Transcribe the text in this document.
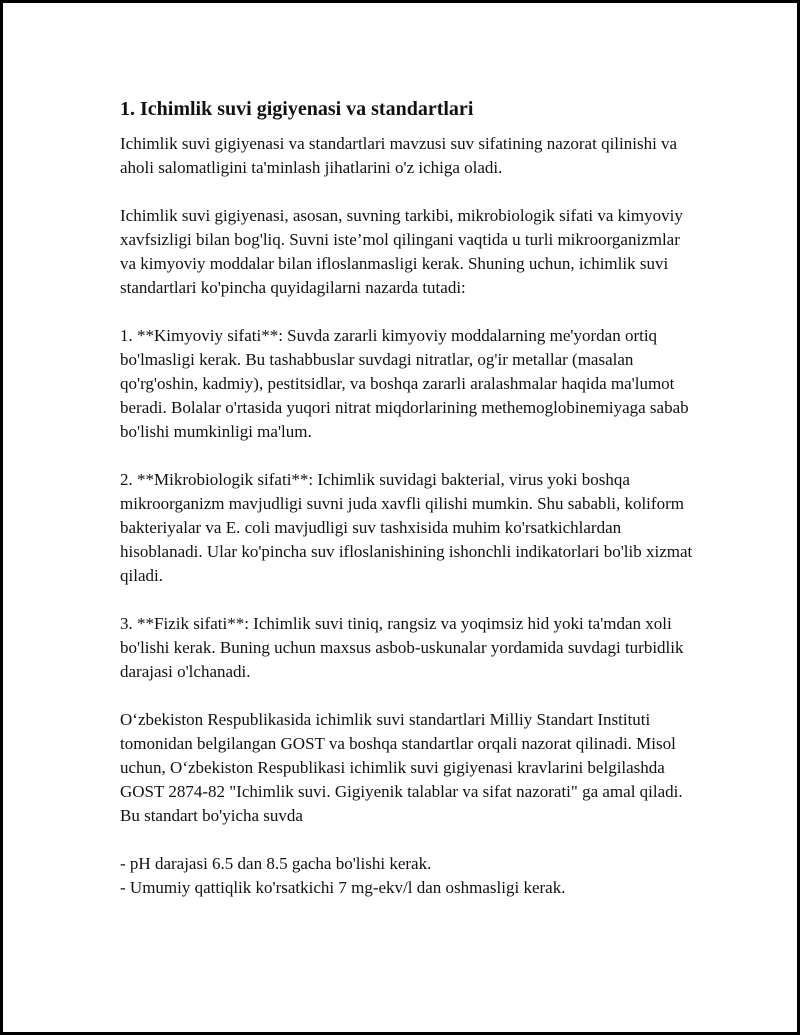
1. Ichimlik suvi gigiyenasi va standartlari

Ichimlik suvi gigiyenasi va standartlari mavzusi suv sifatining nazorat qilinishi va aholi salomatligini ta'minlash jihatlarini o'z ichiga oladi.

Ichimlik suvi gigiyenasi, asosan, suvning tarkibi, mikrobiologik sifati va kimyoviy xavfsizligi bilan bog'liq. Suvni iste’mol qilingani vaqtida u turli mikroorganizmlar va kimyoviy moddalar bilan ifloslanmasligi kerak. Shuning uchun, ichimlik suvi standartlari ko'pincha quyidagilarni nazarda tutadi:

1. **Kimyoviy sifati**: Suvda zararli kimyoviy moddalarning me'yordan ortiq bo'lmasligi kerak. Bu tashabbuslar suvdagi nitratlar, og'ir metallar (masalan qo'rg'oshin, kadmiy), pestitsidlar, va boshqa zararli aralashmalar haqida ma'lumot beradi. Bolalar o'rtasida yuqori nitrat miqdorlarining methemoglobinemiyaga sabab bo'lishi mumkinligi ma'lum.

2. **Mikrobiologik sifati**: Ichimlik suvidagi bakterial, virus yoki boshqa mikroorganizm mavjudligi suvni juda xavfli qilishi mumkin. Shu sababli, koliform bakteriyalar va E. coli mavjudligi suv tashxisida muhim ko'rsatkichlardan hisoblanadi. Ular ko'pincha suv ifloslanishining ishonchli indikatorlari bo'lib xizmat qiladi.

3. **Fizik sifati**: Ichimlik suvi tiniq, rangsiz va yoqimsiz hid yoki ta'mdan xoli bo'lishi kerak. Buning uchun maxsus asbob-uskunalar yordamida suvdagi turbidlik darajasi o'lchanadi.

O‘zbekiston Respublikasida ichimlik suvi standartlari Milliy Standart Instituti tomonidan belgilangan GOST va boshqa standartlar orqali nazorat qilinadi. Misol uchun, O‘zbekiston Respublikasi ichimlik suvi gigiyenasi kravlarini belgilashda GOST 2874-82 "Ichimlik suvi. Gigiyenik talablar va sifat nazorati" ga amal qiladi. Bu standart bo'yicha suvda

- pH darajasi 6.5 dan 8.5 gacha bo'lishi kerak.
- Umumiy qattiqlik ko'rsatkichi 7 mg-ekv/l dan oshmasligi kerak.
